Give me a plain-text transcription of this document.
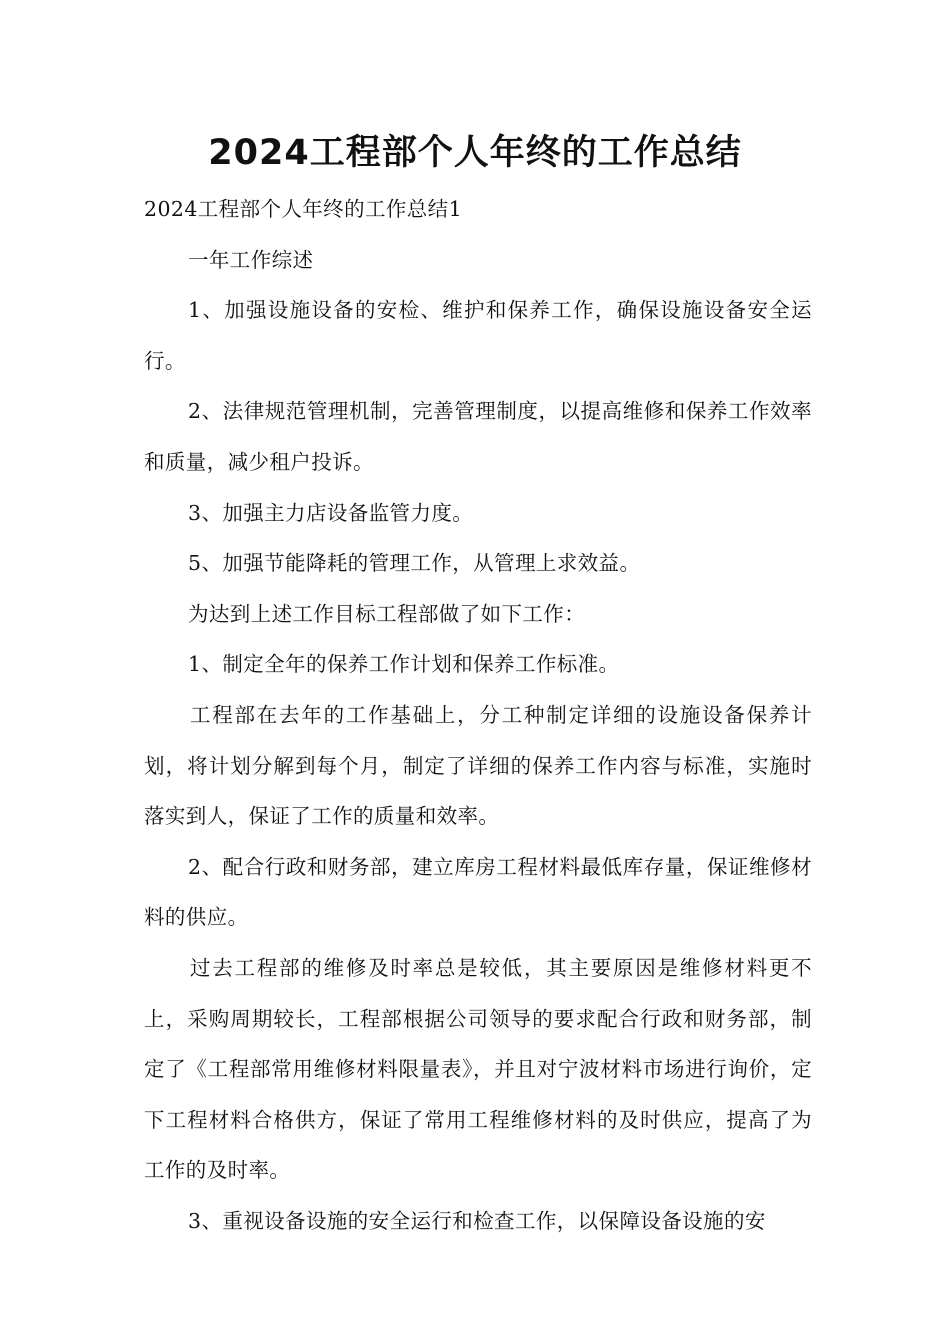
2024工程部个人年终的工作总结

2024工程部个人年终的工作总结1

一年工作综述

1、加强设施设备的安检、维护和保养工作，确保设施设备安全运行。

2、法律规范管理机制，完善管理制度，以提高维修和保养工作效率和质量，减少租户投诉。

3、加强主力店设备监管力度。

5、加强节能降耗的管理工作，从管理上求效益。

为达到上述工作目标工程部做了如下工作：

1、制定全年的保养工作计划和保养工作标准。

工程部在去年的工作基础上，分工种制定详细的设施设备保养计划，将计划分解到每个月，制定了详细的保养工作内容与标准，实施时落实到人，保证了工作的质量和效率。

2、配合行政和财务部，建立库房工程材料最低库存量，保证维修材料的供应。

过去工程部的维修及时率总是较低，其主要原因是维修材料更不上，采购周期较长，工程部根据公司领导的要求配合行政和财务部，制定了《工程部常用维修材料限量表》，并且对宁波材料市场进行询价，定下工程材料合格供方，保证了常用工程维修材料的及时供应，提高了为工作的及时率。

3、重视设备设施的安全运行和检查工作，以保障设备设施的安
